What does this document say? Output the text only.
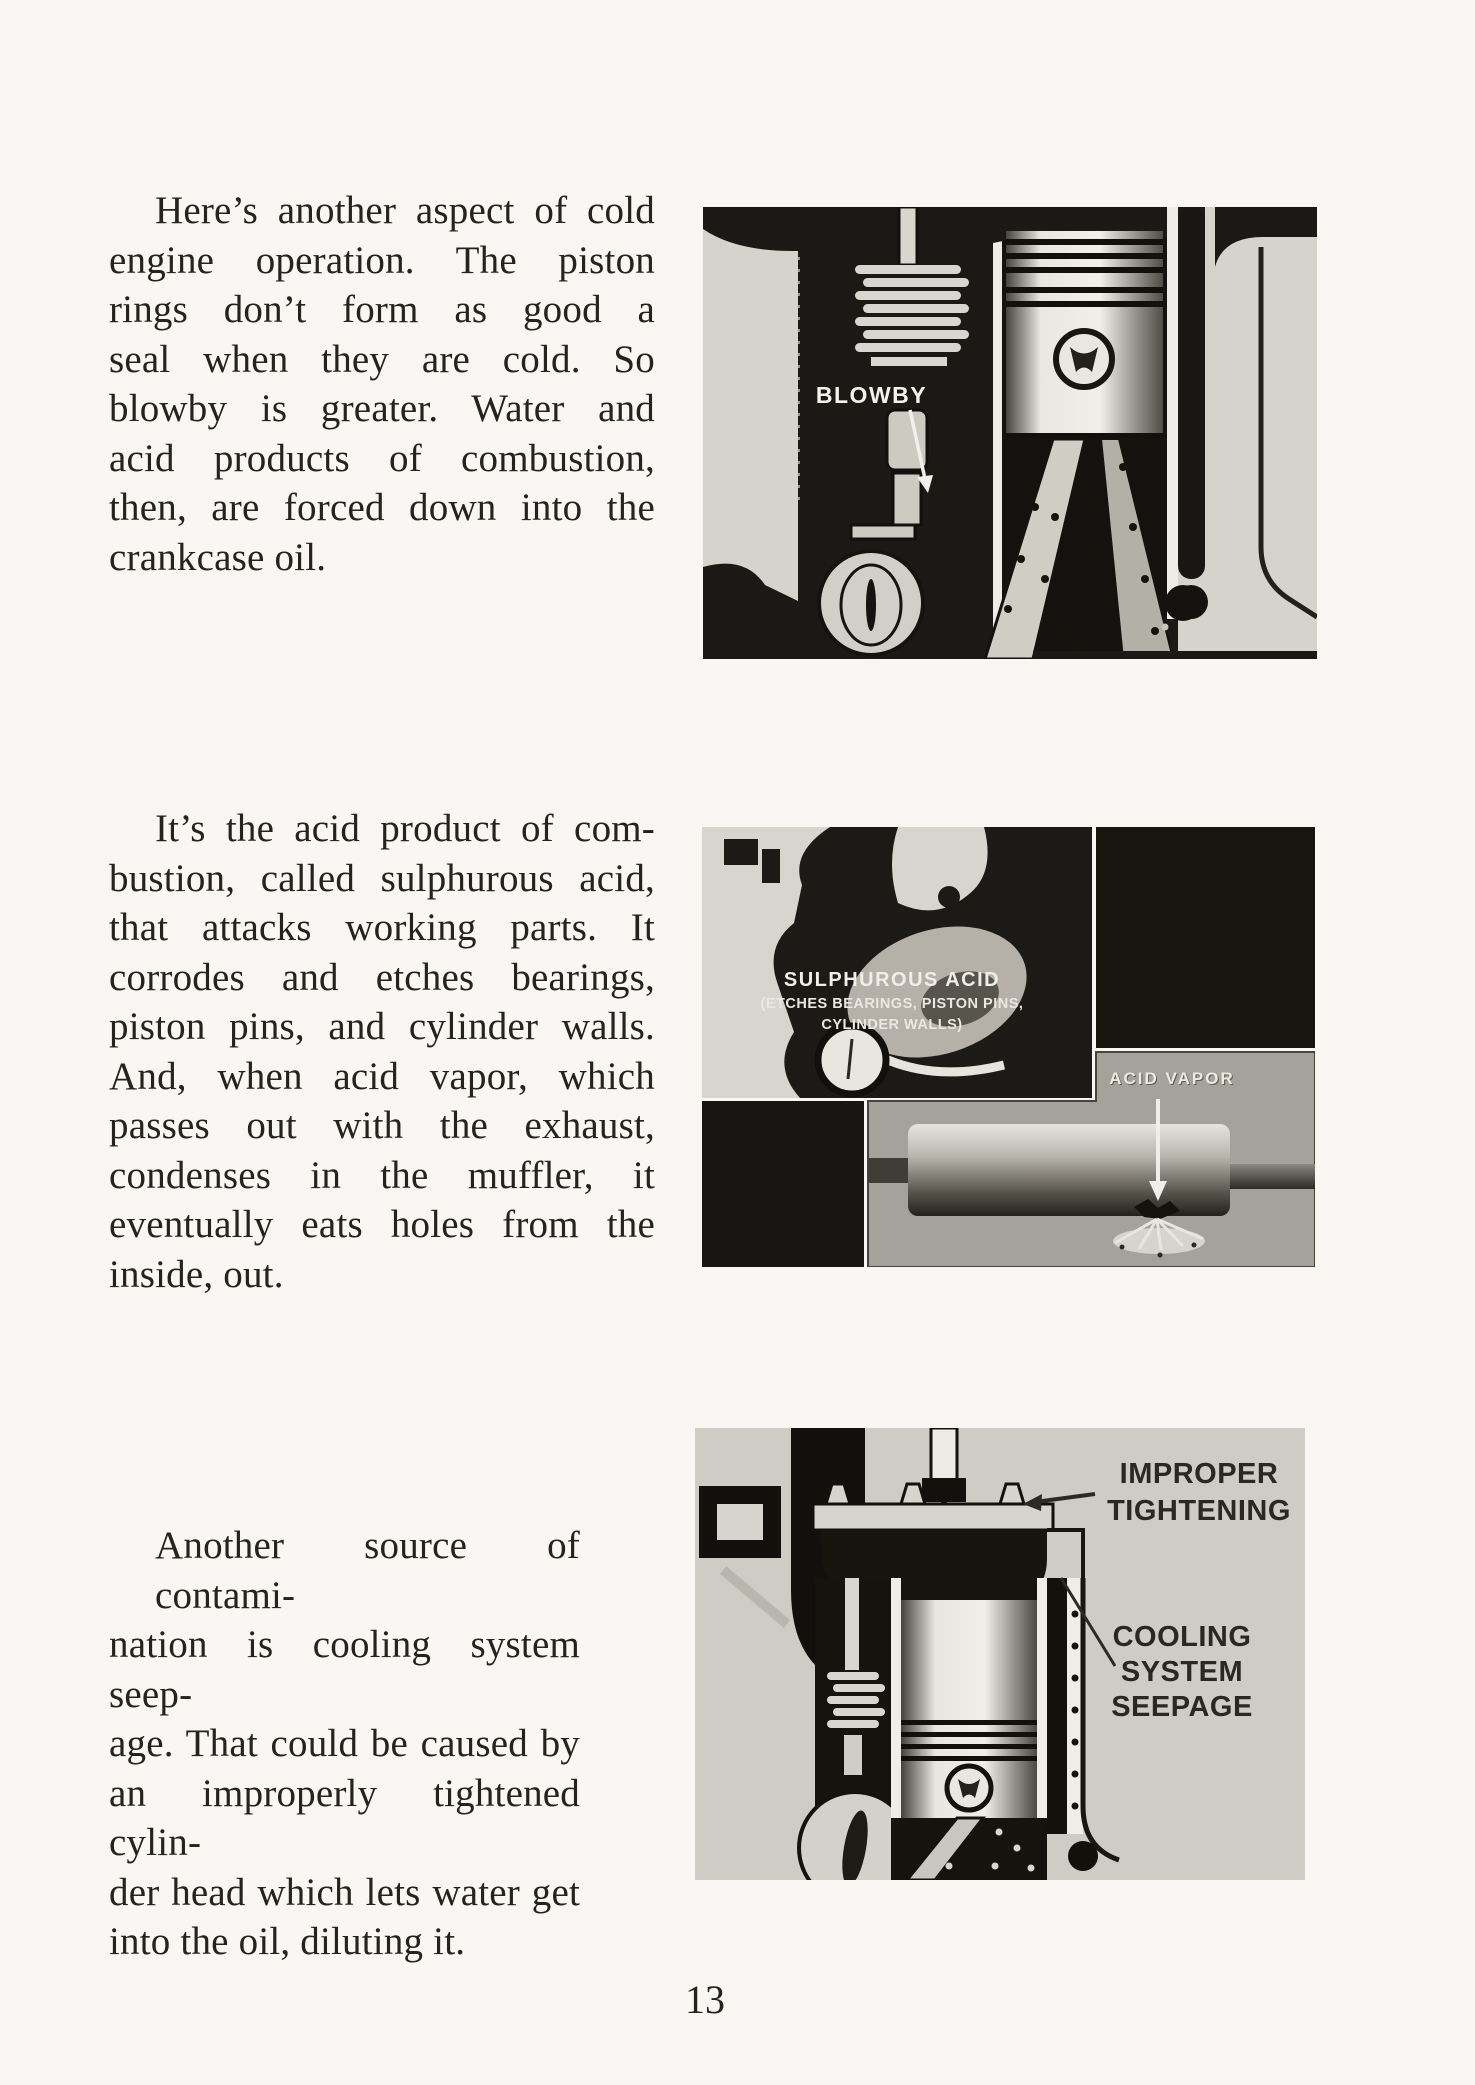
Here’s another aspect of cold
engine operation. The piston
rings don’t form as good a
seal when they are cold. So
blowby is greater. Water and
acid products of combustion,
then, are forced down into the
crankcase oil.
It’s the acid product of com-
bustion, called sulphurous acid,
that attacks working parts. It
corrodes and etches bearings,
piston pins, and cylinder walls.
And, when acid vapor, which
passes out with the exhaust,
condenses in the muffler, it
eventually eats holes from the
inside, out.
Another source of contami-
nation is cooling system seep-
age. That could be caused by
an improperly tightened cylin-
der head which lets water get
into the oil, diluting it.
BLOWBY
SULPHUROUS ACID
(ETCHES BEARINGS, PISTON PINS,
CYLINDER WALLS)
ACID VAPOR
IMPROPER
TIGHTENING
COOLING
SYSTEM
SEEPAGE
13
